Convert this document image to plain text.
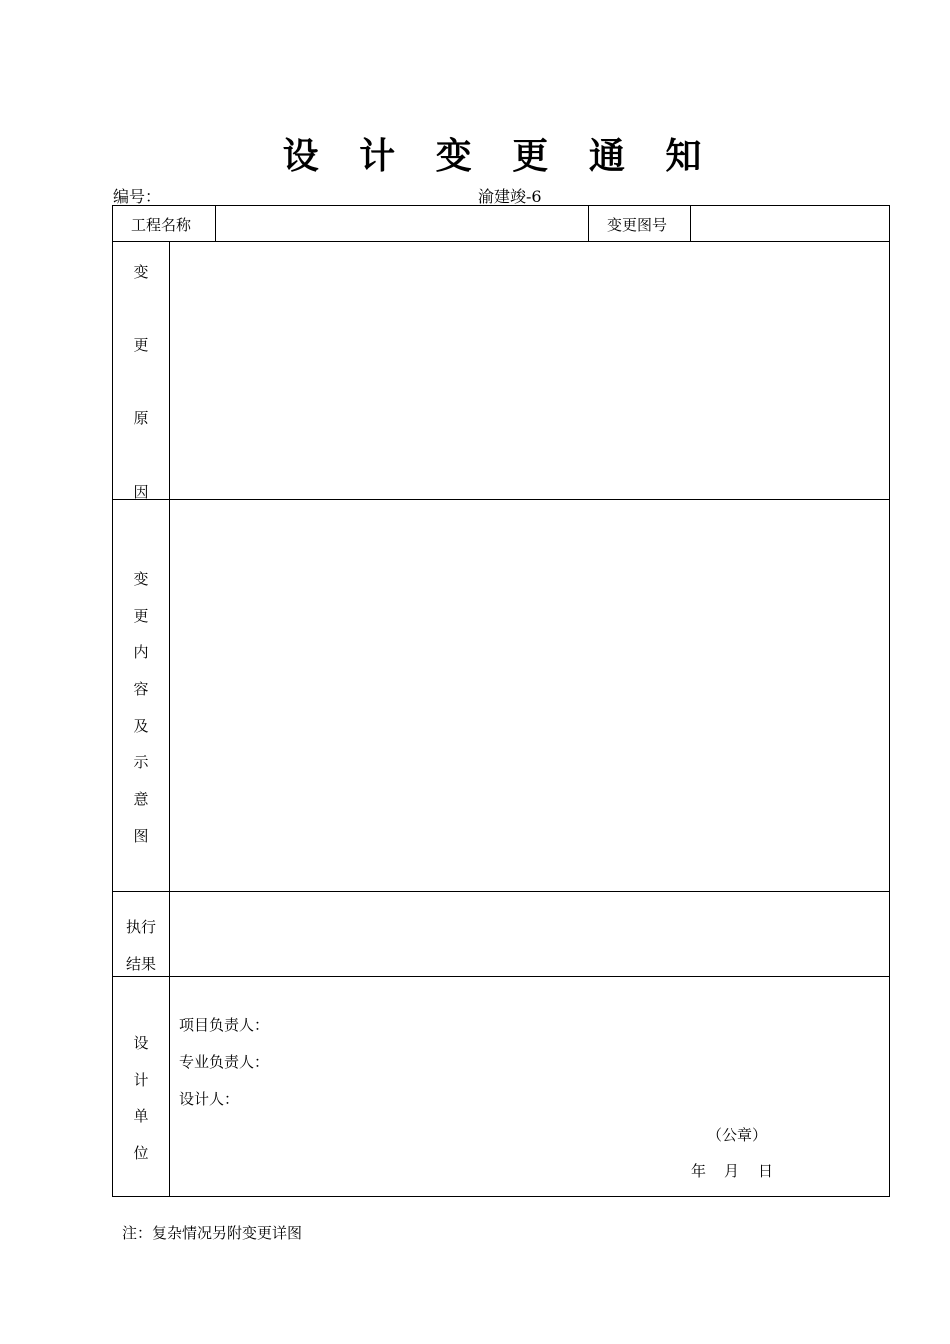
设 计 变 更 通 知
编号：	渝建竣-6
工程名称	变更图号
变
更
原
因
变
更
内
容
及
示
意
图
执行
结果
设
计
单
位
项目负责人：
专业负责人：
设计人：
（公章）
年 月 日
注：复杂情况另附变更详图
